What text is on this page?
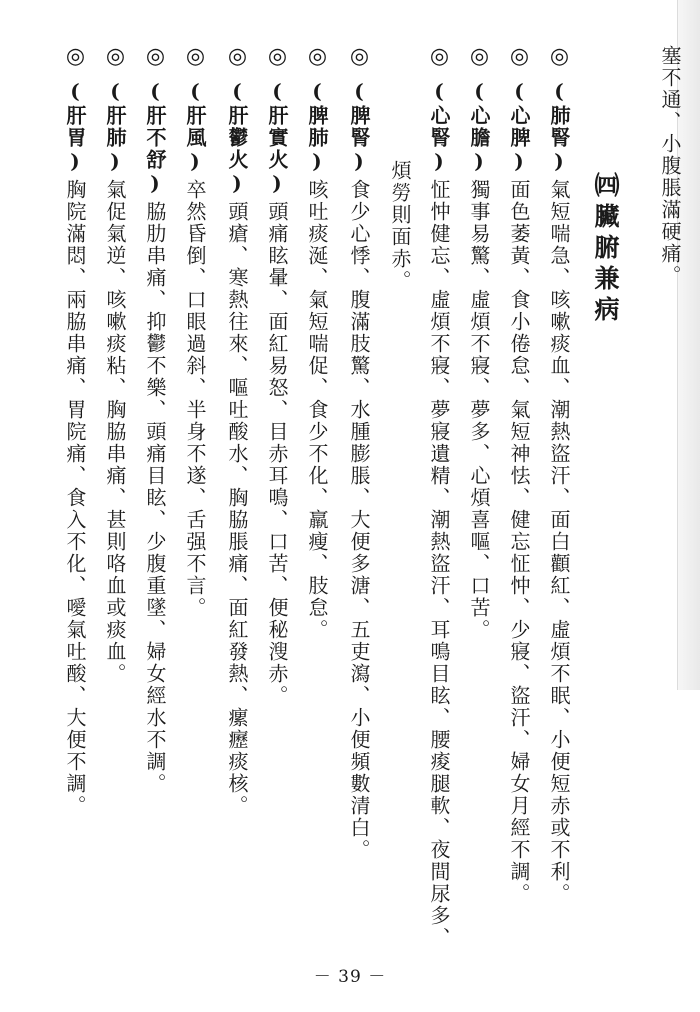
塞不通、小腹脹滿硬痛。
㈣臟腑兼病
◎(肺腎)氣短喘急、咳嗽痰血、潮熱盜汗、面白顴紅、虛煩不眠、小便短赤或不利。
◎(心脾)面色萎黃、食小倦怠、氣短神怯、健忘怔忡、少寢、盜汗、婦女月經不調。
◎(心膽)獨事易驚、虛煩不寢、夢多、心煩喜嘔、口苦。
◎(心腎)怔忡健忘、虛煩不寢、夢寢遺精、潮熱盜汗、耳鳴目眩、腰痠腿軟、夜間尿多、
煩勞則面赤。
◎(脾腎)食少心悸、腹滿肢驚、水腫膨脹、大便多溏、五吏瀉、小便頻數清白。
◎(脾肺)咳吐痰涎、氣短喘促、食少不化、羸瘦、肢怠。
◎(肝實火)頭痛眩暈、面紅易怒、目赤耳鳴、口苦、便秘溲赤。
◎(肝鬱火)頭瘡、寒熱往來、嘔吐酸水、胸脇脹痛、面紅發熱、瘰癧痰核。
◎(肝風)卒然昏倒、口眼過斜、半身不遂、舌强不言。
◎(肝不舒)脇肋串痛、抑鬱不樂、頭痛目眩、少腹重墜、婦女經水不調。
◎(肝肺)氣促氣逆、咳嗽痰粘、胸脇串痛、甚則咯血或痰血。
◎(肝胃)胸院滿悶、兩脇串痛、胃院痛、食入不化、噯氣吐酸、大便不調。
－ 39 －
